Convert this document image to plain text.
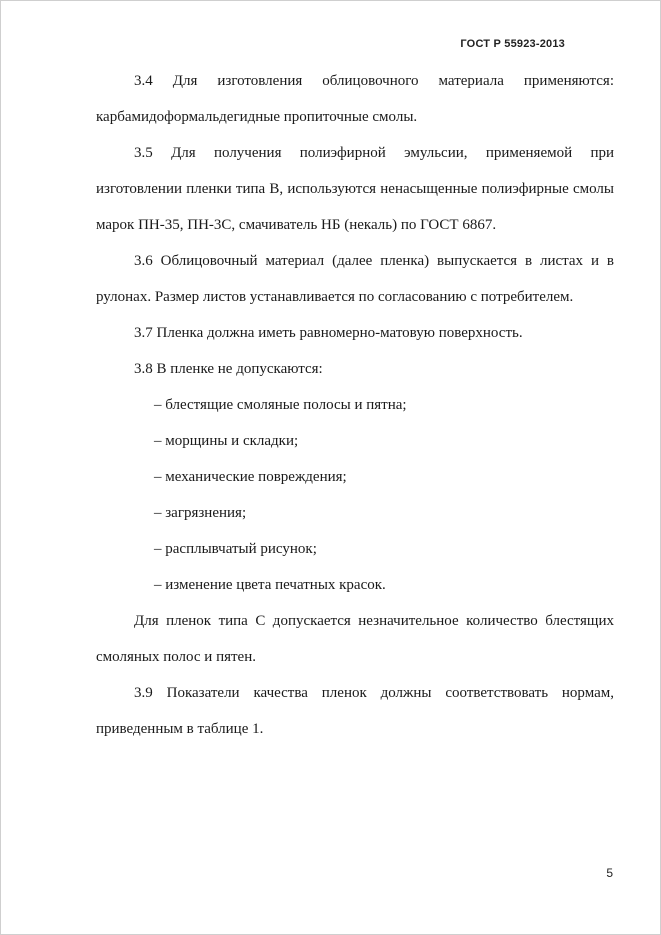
ГОСТ Р 55923-2013

3.4 Для изготовления облицовочного материала применяются:

карбамидоформальдегидные пропиточные смолы.

3.5 Для получения полиэфирной эмульсии, применяемой при изготовлении пленки типа В, используются ненасыщенные полиэфирные смолы марок ПН-35, ПН-3С, смачиватель НБ (некаль) по ГОСТ 6867.

3.6 Облицовочный материал (далее пленка) выпускается в листах и в рулонах. Размер листов устанавливается по согласованию с потребителем.

3.7 Пленка должна иметь равномерно-матовую поверхность.

3.8 В пленке не допускаются:

– блестящие смоляные полосы и пятна;

– морщины и складки;

– механические повреждения;

– загрязнения;

– расплывчатый рисунок;

– изменение цвета печатных красок.

Для пленок типа С допускается незначительное количество блестящих смоляных полос и пятен.

3.9 Показатели качества пленок должны соответствовать нормам, приведенным в таблице 1.

5
